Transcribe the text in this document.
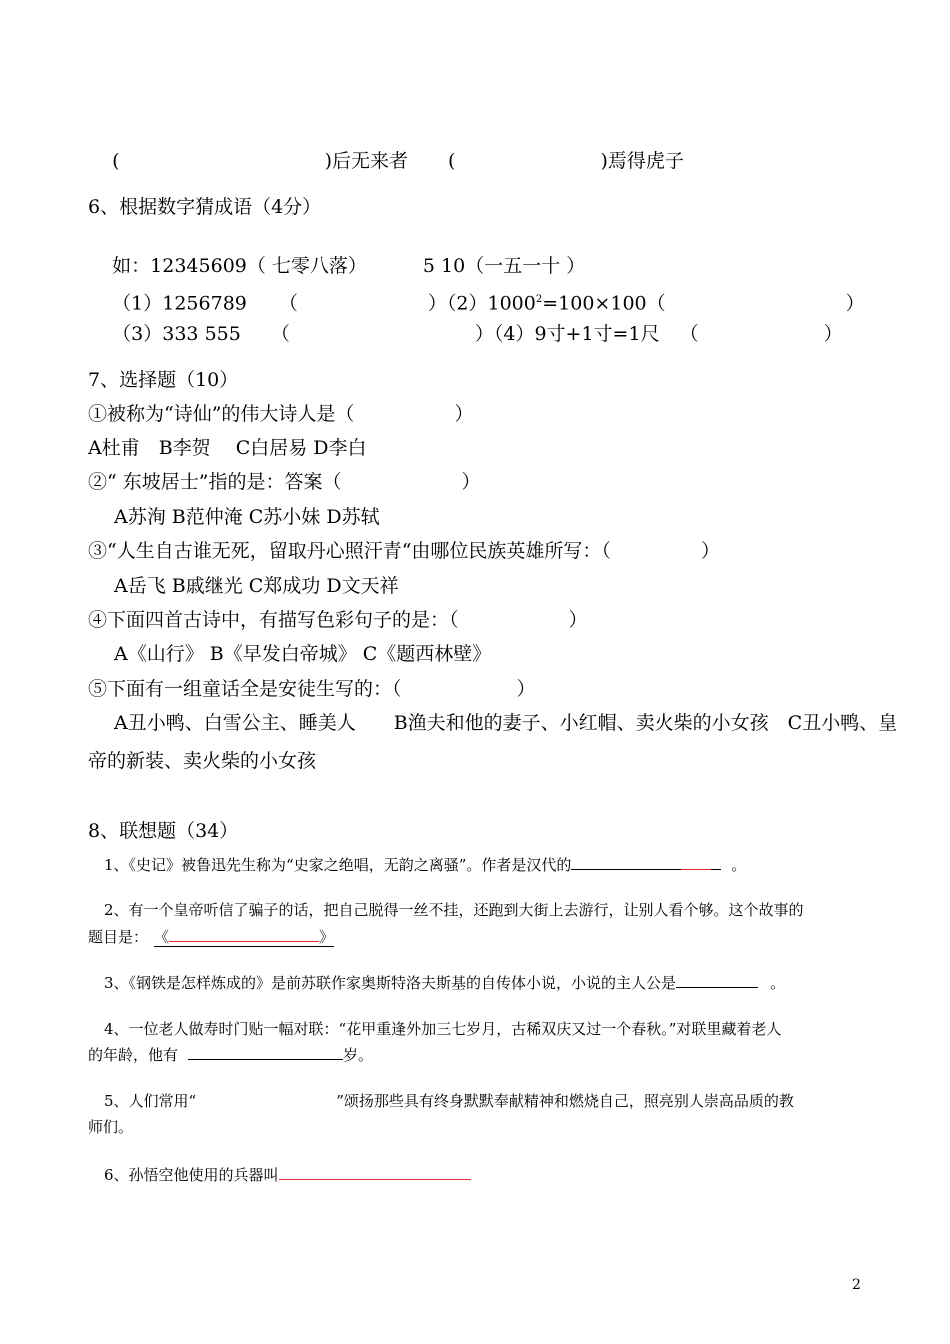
(	)后无来者 (	)焉得虎子

6、根据数字猜成语（4分）

如：12345609（ 七零八落）	5 10（一五一十 ）

（1）1256789 （	）$(2)1000^2=100\times 100$（	）

（3）333 555 （	）（4）9寸+1寸=1尺 （	）

7、选择题（10）
①被称为“诗仙”的伟大诗人是（	）
A杜甫　B李贺　 C白居易 D李白
②“ 东坡居士”指的是：答案（	）
A苏洵 B范仲淹 C苏小妹 D苏轼
③“人生自古谁无死，留取丹心照汗青“由哪位民族英雄所写：（	）
A岳飞 B戚继光 C郑成功 D文天祥
④下面四首古诗中，有描写色彩句子的是：（	）
A《山行》 B《早发白帝城》 C《题西林壁》
⑤下面有一组童话全是安徒生写的：（	）
A丑小鸭、白雪公主、睡美人　　B渔夫和他的妻子、小红帽、卖火柴的小女孩　C丑小鸭、皇
帝的新装、卖火柴的小女孩
8、联想题（34）
1、《史记》被鲁迅先生称为“史家之绝唱，无韵之离骚”。作者是汉代的	。
2、有一个皇帝听信了骗子的话，把自己脱得一丝不挂，还跑到大街上去游行，让别人看个够。这个故事的
题目是： 《	》
3、《钢铁是怎样炼成的》是前苏联作家奥斯特洛夫斯基的自传体小说，小说的主人公是	。
4、一位老人做寿时门贴一幅对联：“花甲重逢外加三七岁月，古稀双庆又过一个春秋。”对联里藏着老人
的年龄，他有	岁。
5、人们常用“	”颂扬那些具有终身默默奉献精神和燃烧自己，照亮别人崇高品质的教
师们。
6、孙悟空他使用的兵器叫
2
